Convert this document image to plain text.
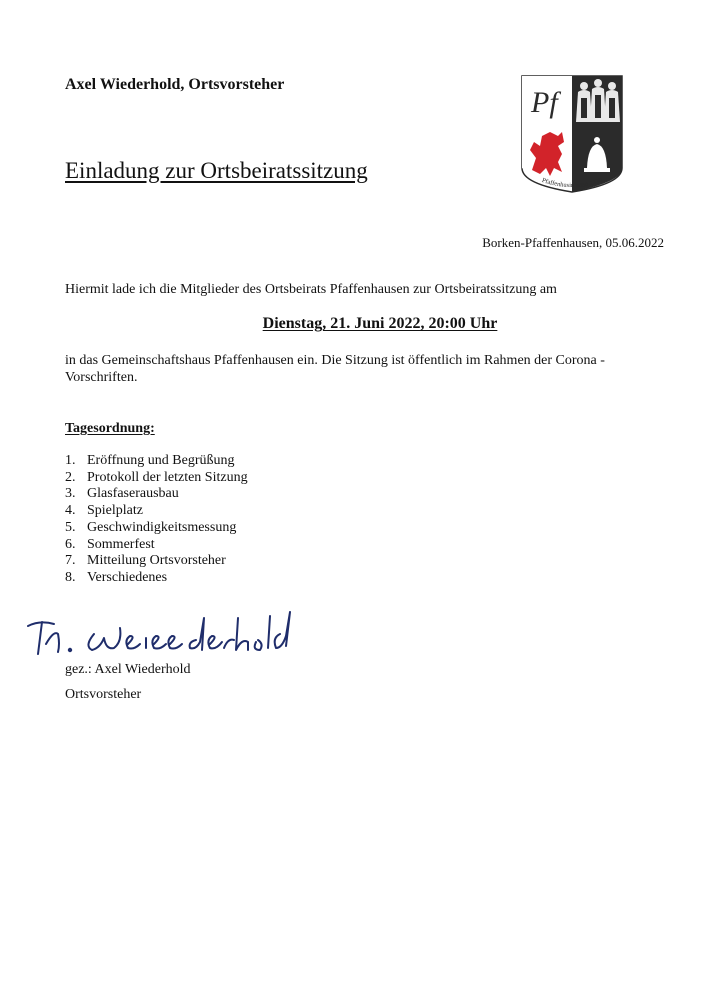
Axel Wiederhold, Ortsvorsteher
Einladung zur Ortsbeiratssitzung
Pf
Pfaffenhusin anno 1330
Borken-Pfaffenhausen, 05.06.2022
Hiermit lade ich die Mitglieder des Ortsbeirats Pfaffenhausen zur Ortsbeiratssitzung am
Dienstag, 21. Juni 2022, 20:00 Uhr
in das Gemeinschaftshaus Pfaffenhausen ein. Die Sitzung ist öffentlich im Rahmen der Corona - Vorschriften.
Tagesordnung:
1. Eröffnung und Begrüßung
2. Protokoll der letzten Sitzung
3. Glasfaserausbau
4. Spielplatz
5. Geschwindigkeitsmessung
6. Sommerfest
7. Mitteilung Ortsvorsteher
8. Verschiedenes
gez.: Axel Wiederhold
Ortsvorsteher
